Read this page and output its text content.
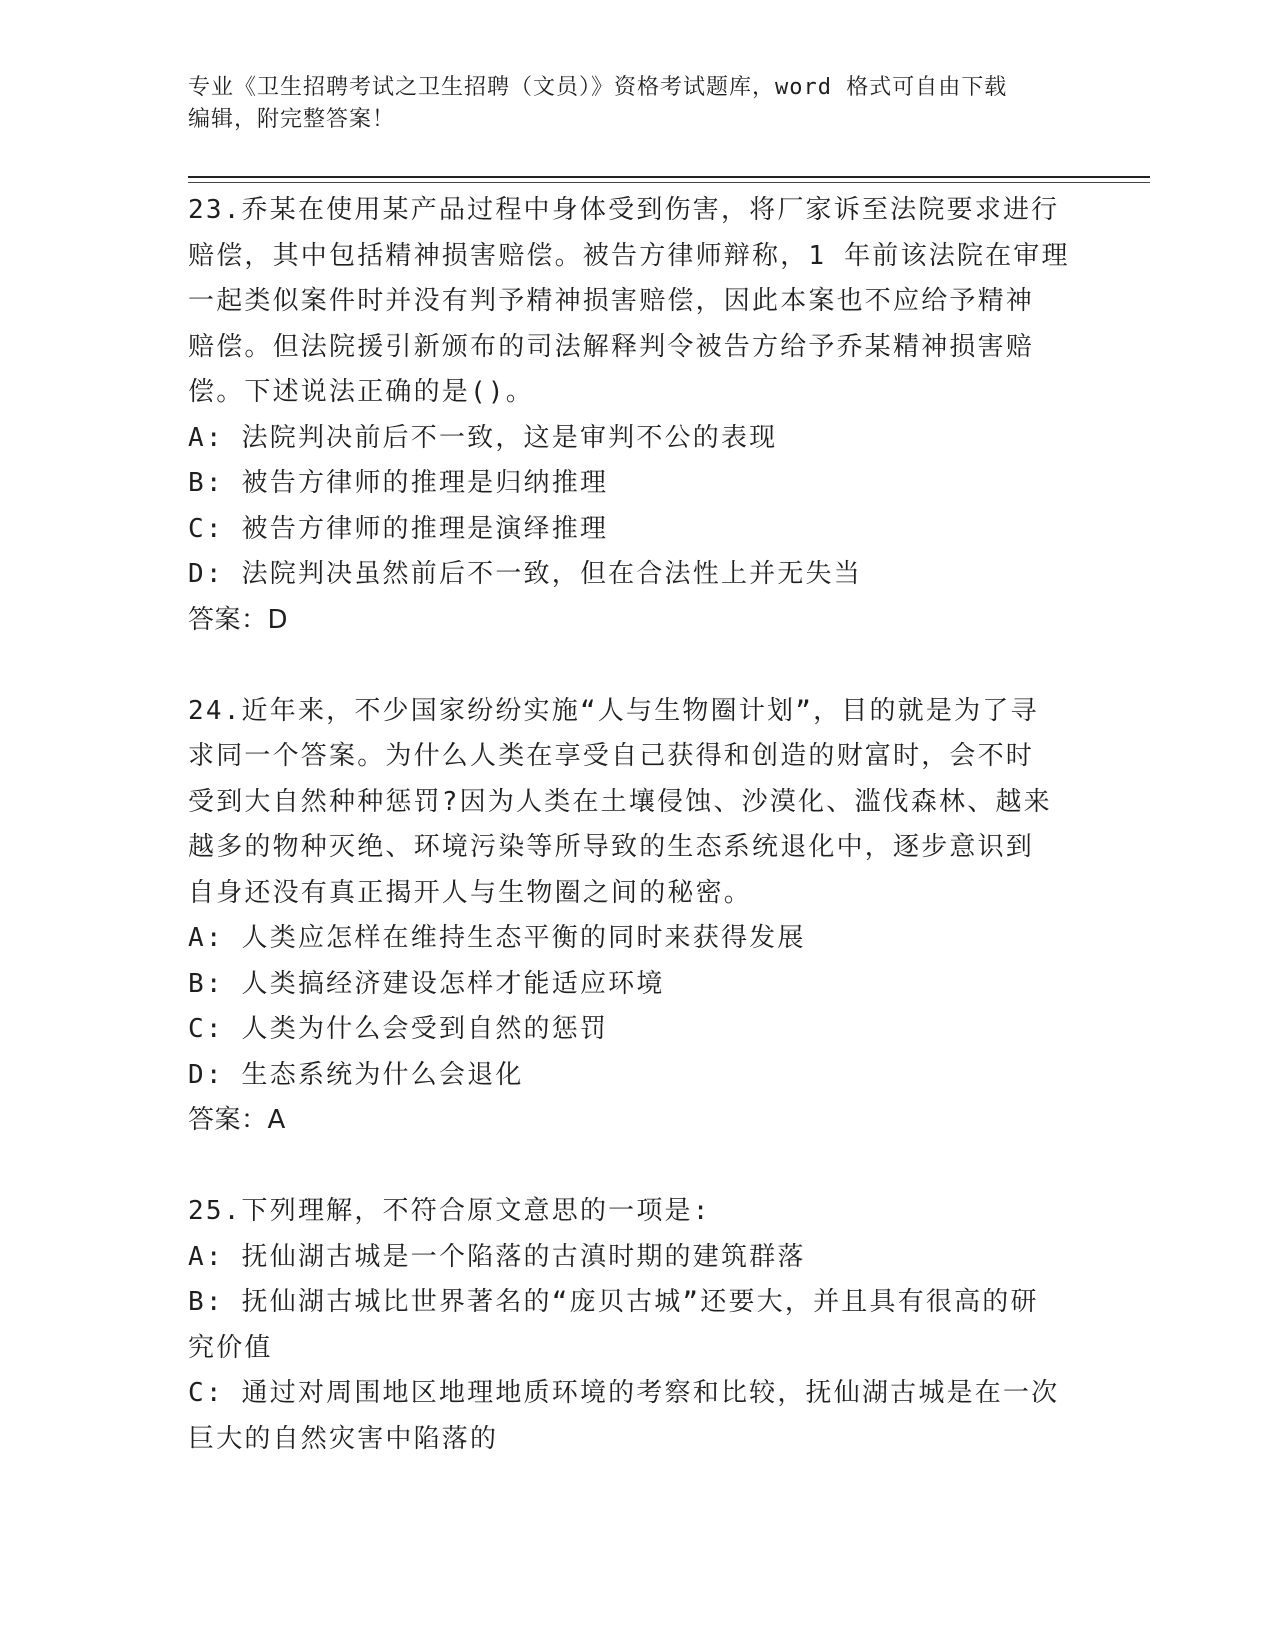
专业《卫生招聘考试之卫生招聘（文员）》资格考试题库，word 格式可自由下载
编辑，附完整答案！
23.乔某在使用某产品过程中身体受到伤害，将厂家诉至法院要求进行
赔偿，其中包括精神损害赔偿。被告方律师辩称，1 年前该法院在审理
一起类似案件时并没有判予精神损害赔偿，因此本案也不应给予精神
赔偿。但法院援引新颁布的司法解释判令被告方给予乔某精神损害赔
偿。下述说法正确的是()。
A: 法院判决前后不一致，这是审判不公的表现
B: 被告方律师的推理是归纳推理
C: 被告方律师的推理是演绎推理
D: 法院判决虽然前后不一致，但在合法性上并无失当
答案：D
24.近年来，不少国家纷纷实施“人与生物圈计划”，目的就是为了寻
求同一个答案。为什么人类在享受自己获得和创造的财富时，会不时
受到大自然种种惩罚?因为人类在土壤侵蚀、沙漠化、滥伐森林、越来
越多的物种灭绝、环境污染等所导致的生态系统退化中，逐步意识到
自身还没有真正揭开人与生物圈之间的秘密。
A: 人类应怎样在维持生态平衡的同时来获得发展
B: 人类搞经济建设怎样才能适应环境
C: 人类为什么会受到自然的惩罚
D: 生态系统为什么会退化
答案：A
25.下列理解，不符合原文意思的一项是:
A: 抚仙湖古城是一个陷落的古滇时期的建筑群落
B: 抚仙湖古城比世界著名的“庞贝古城”还要大，并且具有很高的研
究价值
C: 通过对周围地区地理地质环境的考察和比较，抚仙湖古城是在一次
巨大的自然灾害中陷落的
